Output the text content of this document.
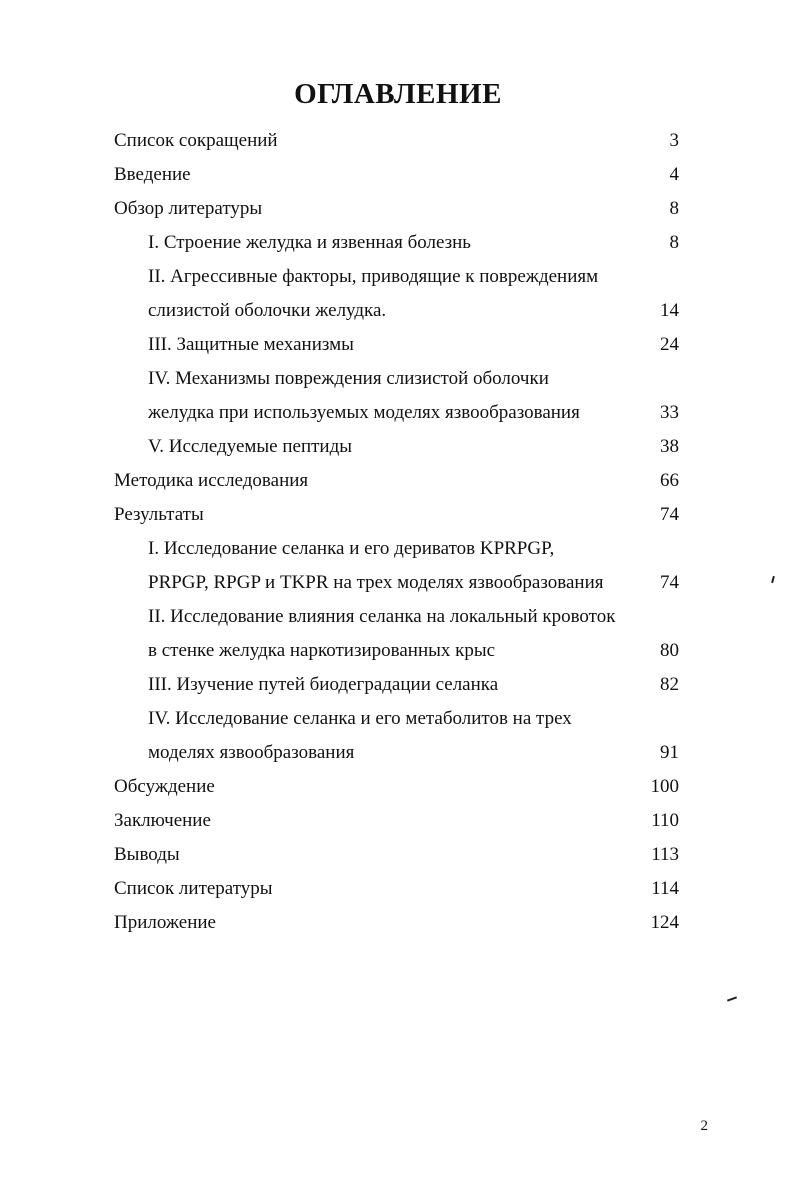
ОГЛАВЛЕНИЕ
Список сокращений	3
Введение	4
Обзор литературы	8
I. Строение желудка и язвенная болезнь	8
II. Агрессивные факторы, приводящие к повреждениям
слизистой оболочки желудка.	14
III. Защитные механизмы	24
IV. Механизмы повреждения слизистой оболочки
желудка при используемых моделях язвообразования	33
V. Исследуемые пептиды	38
Методика исследования	66
Результаты	74
I. Исследование селанка и его дериватов KPRPGP,
PRPGP, RPGP и TKPR на трех моделях язвообразования	74
II. Исследование влияния селанка на локальный кровоток
в стенке желудка наркотизированных крыс	80
III. Изучение путей биодеградации селанка	82
IV. Исследование селанка и его метаболитов на трех
моделях язвообразования	91
Обсуждение	100
Заключение	110
Выводы	113
Список литературы	114
Приложение	124
2
